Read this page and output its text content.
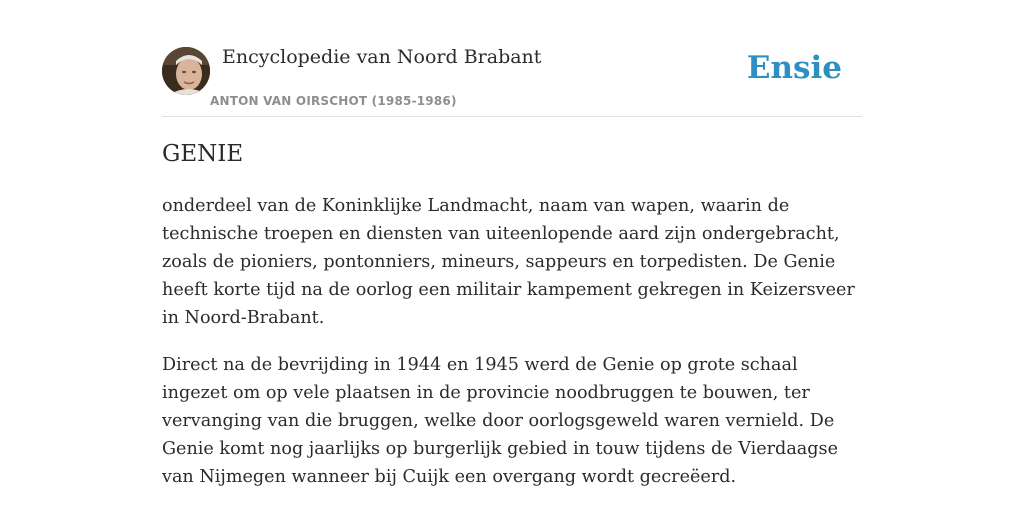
Encyclopedie van Noord Brabant
ANTON VAN OIRSCHOT (1985-1986)
Ensie
GENIE

onderdeel van de Koninklijke Landmacht, naam van wapen, waarin de technische troepen en diensten van uiteenlopende aard zijn ondergebracht, zoals de pioniers, pontonniers, mineurs, sappeurs en torpedisten. De Genie heeft korte tijd na de oorlog een militair kampement gekregen in Keizersveer in Noord-Brabant.

Direct na de bevrijding in 1944 en 1945 werd de Genie op grote schaal ingezet om op vele plaatsen in de provincie noodbruggen te bouwen, ter vervanging van die bruggen, welke door oorlogsgeweld waren vernield. De Genie komt nog jaarlijks op burgerlijk gebied in touw tijdens de Vierdaagse van Nijmegen wanneer bij Cuijk een overgang wordt gecreëerd.
